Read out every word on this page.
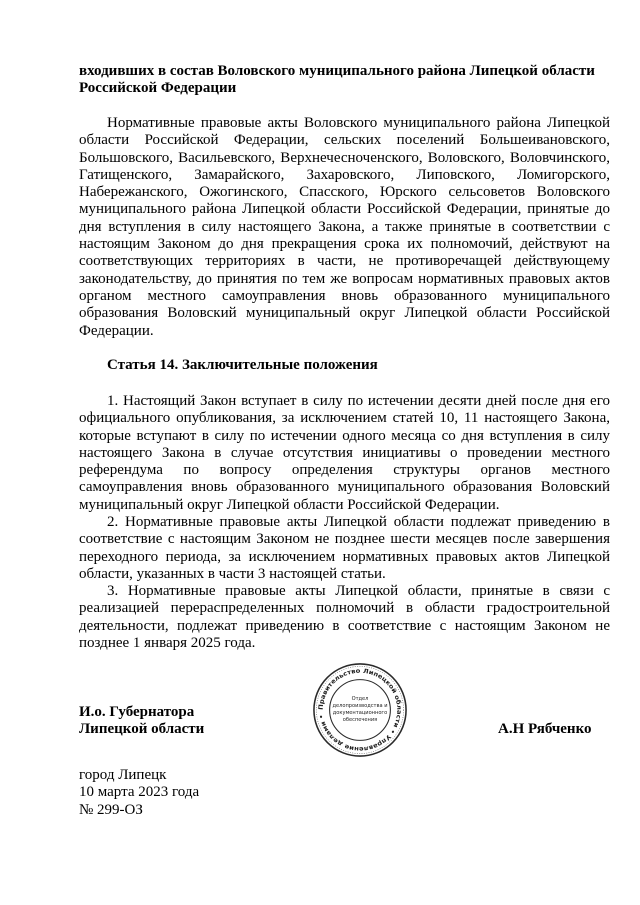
входивших в состав Воловского муниципального района Липецкой области
Российской Федерации

Нормативные правовые акты Воловского муниципального района Липецкой области Российской Федерации, сельских поселений Большеивановского, Большовского, Васильевского, Верхнечесноченского, Воловского, Воловчинского, Гатищенского, Замарайского, Захаровского, Липовского, Ломигорского, Набережанского, Ожогинского, Спасского, Юрского сельсоветов Воловского муниципального района Липецкой области Российской Федерации, принятые до дня вступления в силу настоящего Закона, а также принятые в соответствии с настоящим Законом до дня прекращения срока их полномочий, действуют на соответствующих территориях в части, не противоречащей действующему законодательству, до принятия по тем же вопросам нормативных правовых актов органом местного самоуправления вновь образованного муниципального образования Воловский муниципальный округ Липецкой области Российской Федерации.

Статья 14. Заключительные положения

1. Настоящий Закон вступает в силу по истечении десяти дней после дня его официального опубликования, за исключением статей 10, 11 настоящего Закона, которые вступают в силу по истечении одного месяца со дня вступления в силу настоящего Закона в случае отсутствия инициативы о проведении местного референдума по вопросу определения структуры органов местного самоуправления вновь образованного муниципального образования Воловский муниципальный округ Липецкой области Российской Федерации.

2. Нормативные правовые акты Липецкой области подлежат приведению в соответствие с настоящим Законом не позднее шести месяцев после завершения переходного периода, за исключением нормативных правовых актов Липецкой области, указанных в части 3 настоящей статьи.

3. Нормативные правовые акты Липецкой области, принятые в связи с реализацией перераспределенных полномочий в области градостроительной деятельности, подлежат приведению в соответствие с настоящим Законом не позднее 1 января 2025 года.

И.о. Губернатора
Липецкой области
Правительство Липецкой области • Управление делами •
Отдел
делопроизводства и
документационного
обеспечения
А.Н Рябченко
город Липецк
10 марта 2023 года
№ 299-ОЗ
